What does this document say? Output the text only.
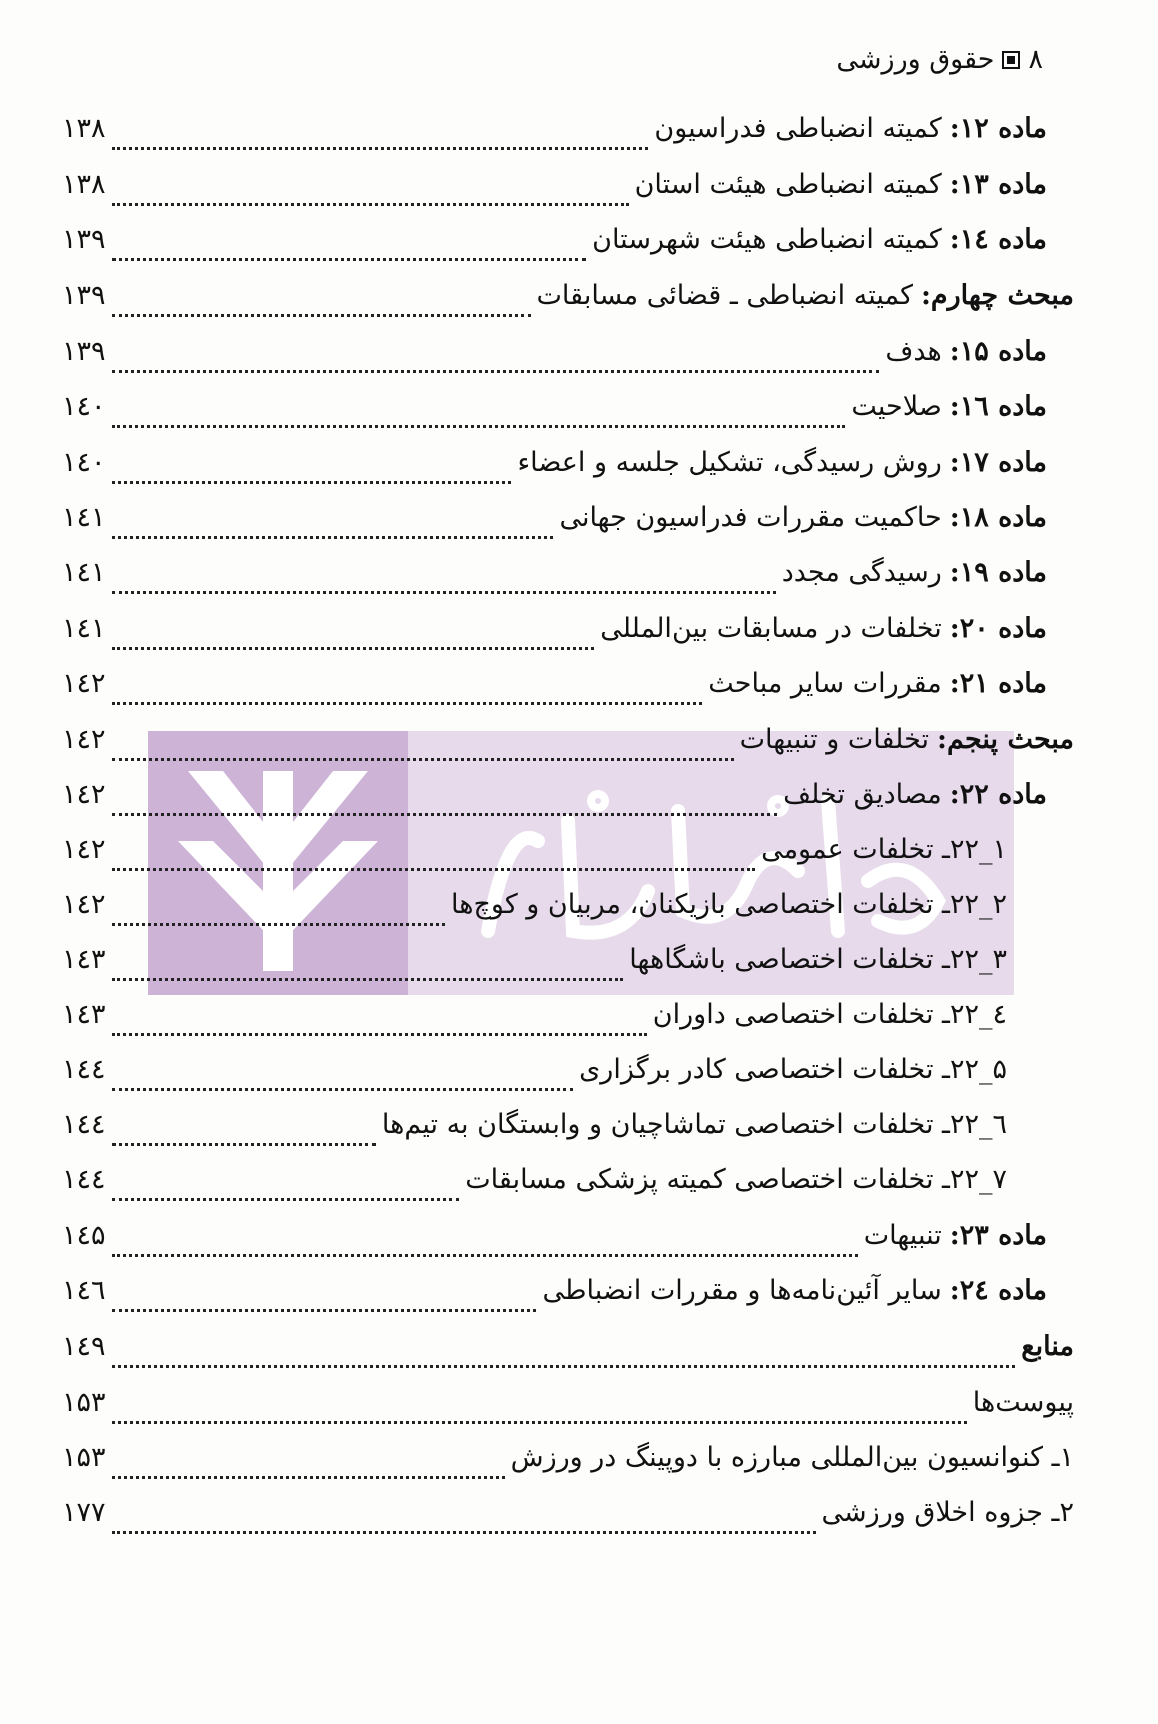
۸
حقوق ورزشی
ماده ۱۲:
کمیته انضباطی فدراسیون
۱۳۸
ماده ۱۳:
کمیته انضباطی هیئت استان
۱۳۸
ماده ۱٤:
کمیته انضباطی هیئت شهرستان
۱۳۹
مبحث چهارم:
کمیته انضباطی ـ قضائی مسابقات
۱۳۹
ماده ۱۵:
هدف
۱۳۹
ماده ۱٦:
صلاحیت
۱٤۰
ماده ۱۷:
روش رسیدگی، تشکیل جلسه و اعضاء
۱٤۰
ماده ۱۸:
حاکمیت مقررات فدراسیون جهانی
۱٤۱
ماده ۱۹:
رسیدگی مجدد
۱٤۱
ماده ۲۰:
تخلفات در مسابقات بین‌المللی
۱٤۱
ماده ۲۱:
مقررات سایر مباحث
۱٤۲
مبحث پنجم:
تخلفات و تنبیهات
۱٤۲
ماده ۲۲:
مصادیق تخلف
۱٤۲
۱_۲۲ـ تخلفات عمومی
۱٤۲
۲_۲۲ـ تخلفات اختصاصی بازیکنان، مربیان و کوچ‌ها
۱٤۲
۳_۲۲ـ تخلفات اختصاصی باشگاهها
۱٤۳
٤_۲۲ـ تخلفات اختصاصی داوران
۱٤۳
۵_۲۲ـ تخلفات اختصاصی کادر برگزاری
۱٤٤
٦_۲۲ـ تخلفات اختصاصی تماشاچیان و وابستگان به تیم‌ها
۱٤٤
۷_۲۲ـ تخلفات اختصاصی کمیته پزشکی مسابقات
۱٤٤
ماده ۲۳:
تنبیهات
۱٤۵
ماده ۲٤:
سایر آئین‌نامه‌ها و مقررات انضباطی
۱٤٦
منابع
۱٤۹
پیوست‌ها
۱۵۳
۱ـ کنوانسیون بین‌المللی مبارزه با دوپینگ در ورزش
۱۵۳
۲ـ جزوه اخلاق ورزشی
۱۷۷
